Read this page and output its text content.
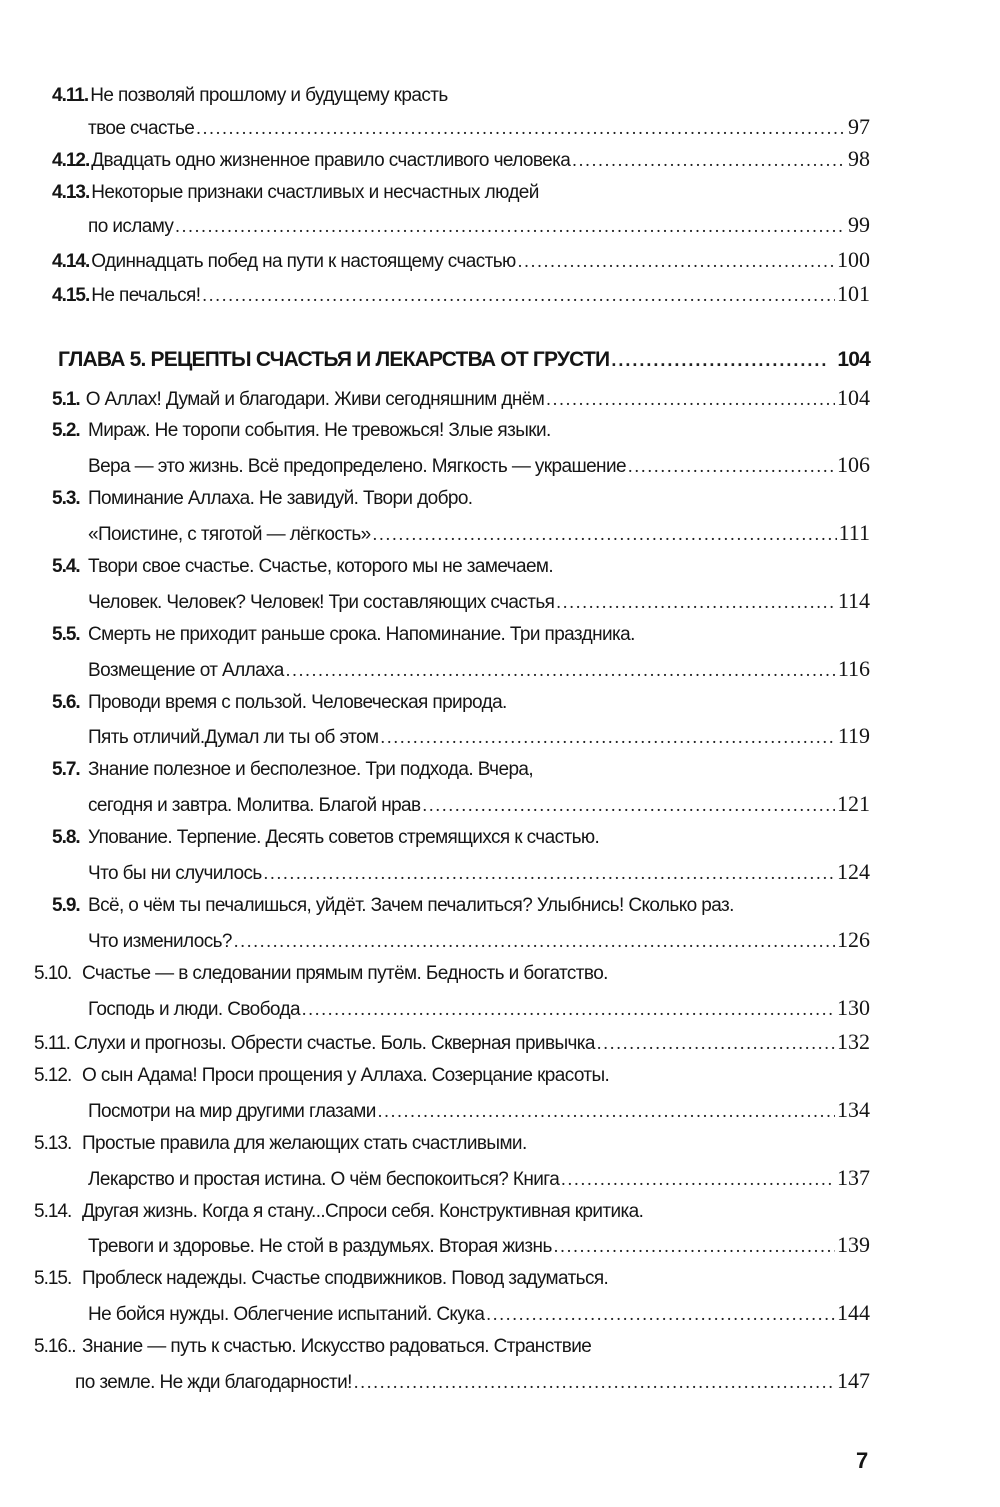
4.11. Не позволяй прошлому и будущему красть
твое счастье .....	97
4.12. Двадцать одно жизненное правило счастливого человека .....	98
4.13. Некоторые признаки счастливых и несчастных людей
по исламу .....	99
4.14. Одиннадцать побед на пути к настоящему счастью .....	100
4.15. Не печалься! .....	101
ГЛАВА 5. РЕЦЕПТЫ СЧАСТЬЯ И ЛЕКАРСТВА ОТ ГРУСТИ .....	104
5.1. О Аллах! Думай и благодари. Живи сегодняшним днём .....	104
5.2. Мираж. Не торопи события. Не тревожься! Злые языки.
Вера — это жизнь. Всё предопределено. Мягкость — украшение .....	106
5.3. Поминание Аллаха. Не завидуй. Твори добро.
«Поистине, с тяготой — лёгкость» .....	111
5.4. Твори свое счастье. Счастье, которого мы не замечаем.
Человек. Человек? Человек! Три составляющих счастья .....	114
5.5. Смерть не приходит раньше срока. Напоминание. Три праздника.
Возмещение от Аллаха .....	116
5.6. Проводи время с пользой. Человеческая природа.
Пять отличий.Думал ли ты об этом .....	119
5.7. Знание полезное и бесполезное. Три подхода. Вчера,
сегодня и завтра. Молитва. Благой нрав .....	121
5.8. Упование. Терпение. Десять советов стремящихся к счастью.
Что бы ни случилось .....	124
5.9. Всё, о чём ты печалишься, уйдёт. Зачем печалиться? Улыбнись! Сколько раз.
Что изменилось? .....	126
5.10. Счастье — в следовании прямым путём. Бедность и богатство.
Господь и люди. Свобода .....	130
5.11. Слухи и прогнозы. Обрести счастье. Боль. Скверная привычка .....	132
5.12. О сын Адама! Проси прощения у Аллаха. Созерцание красоты.
Посмотри на мир другими глазами .....	134
5.13. Простые правила для желающих стать счастливыми.
Лекарство и простая истина. О чём беспокоиться? Книга .....	137
5.14. Другая жизнь. Когда я стану...Спроси себя. Конструктивная критика.
Тревоги и здоровье. Не стой в раздумьях. Вторая жизнь .....	139
5.15. Проблеск надежды. Счастье сподвижников. Повод задуматься.
Не бойся нужды. Облегчение испытаний. Скука .....	144
5.16.. Знание — путь к счастью. Искусство радоваться. Странствие
по земле. Не жди благодарности! .....	147
7
